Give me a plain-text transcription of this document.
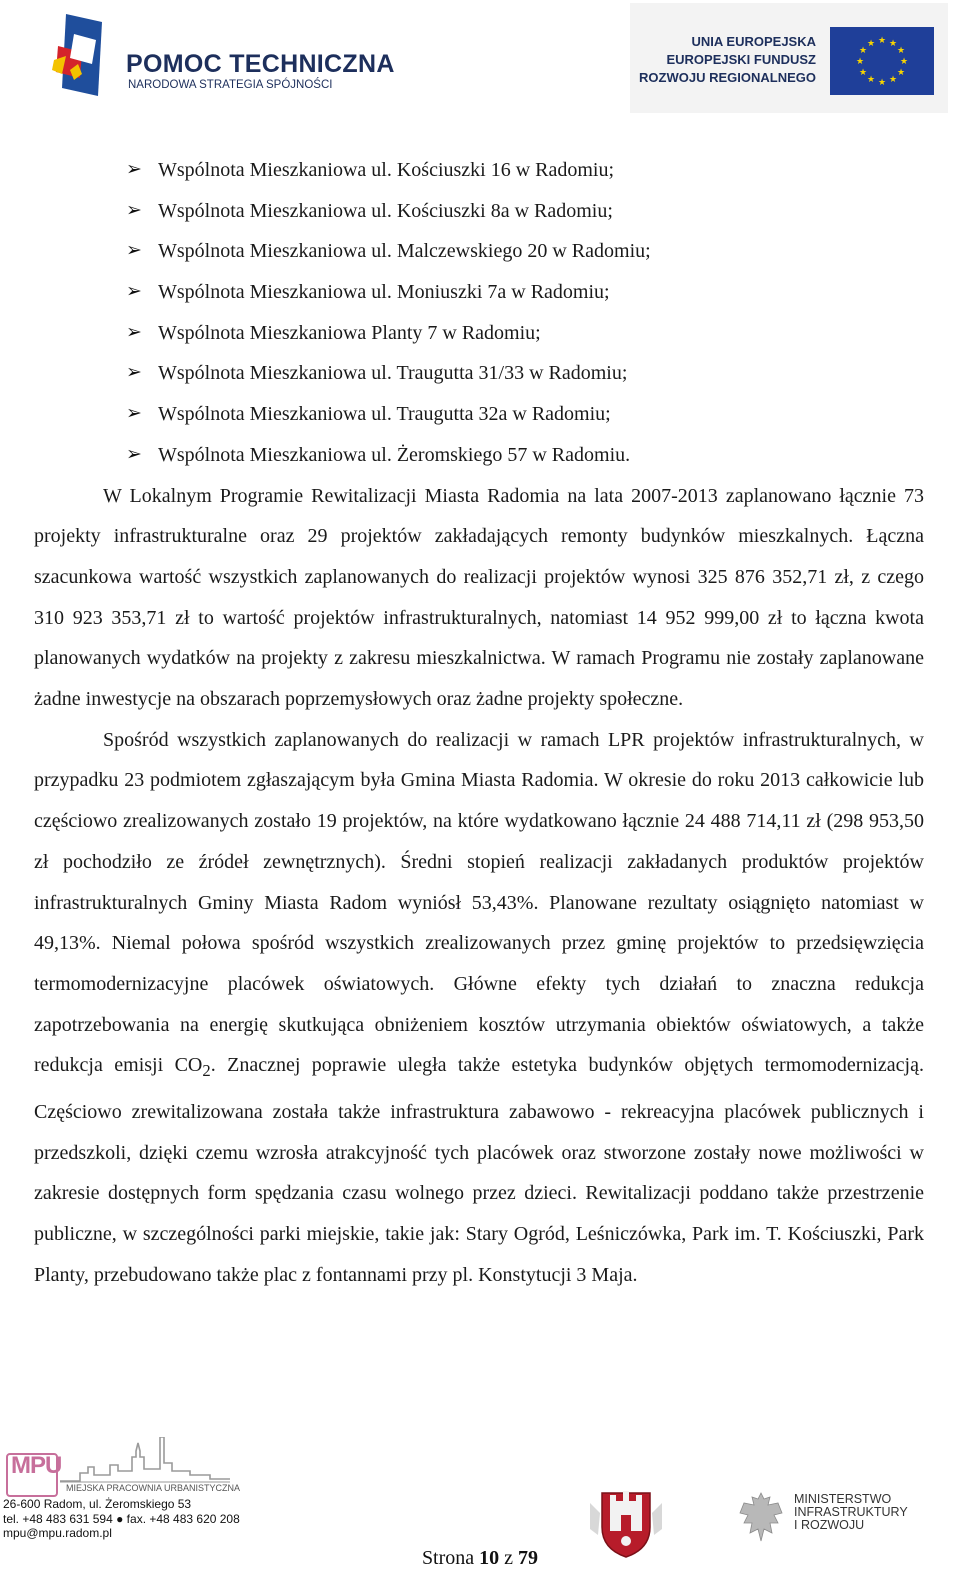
POMOC TECHNICZNA
NARODOWA STRATEGIA SPÓJNOŚCI
UNIA EUROPEJSKA
EUROPEJSKI FUNDUSZ
ROZWOJU REGIONALNEGO
★ ★
★
★
★
★
★
★
★
★
★
★
➢ Wspólnota Mieszkaniowa ul. Kościuszki 16 w Radomiu;
➢ Wspólnota Mieszkaniowa ul. Kościuszki 8a w Radomiu;
➢ Wspólnota Mieszkaniowa ul. Malczewskiego 20 w Radomiu;
➢ Wspólnota Mieszkaniowa ul. Moniuszki 7a w Radomiu;
➢ Wspólnota Mieszkaniowa Planty 7 w Radomiu;
➢ Wspólnota Mieszkaniowa ul. Traugutta 31/33 w Radomiu;
➢ Wspólnota Mieszkaniowa ul. Traugutta 32a w Radomiu;
➢ Wspólnota Mieszkaniowa ul. Żeromskiego 57 w Radomiu.

W Lokalnym Programie Rewitalizacji Miasta Radomia na lata 2007-2013 zaplanowano łącznie 73 projekty infrastrukturalne oraz 29 projektów zakładających remonty budynków mieszkalnych. Łączna szacunkowa wartość wszystkich zaplanowanych do realizacji projektów wynosi 325 876 352,71 zł, z czego 310 923 353,71 zł to wartość projektów infrastrukturalnych, natomiast 14 952 999,00 zł to łączna kwota planowanych wydatków na projekty z zakresu mieszkalnictwa. W ramach Programu nie zostały zaplanowane żadne inwestycje na obszarach poprzemysłowych oraz żadne projekty społeczne.

Spośród wszystkich zaplanowanych do realizacji w ramach LPR projektów infrastrukturalnych, w przypadku 23 podmiotem zgłaszającym była Gmina Miasta Radomia. W okresie do roku 2013 całkowicie lub częściowo zrealizowanych zostało 19 projektów, na które wydatkowano łącznie 24 488 714,11 zł (298 953,50 zł pochodziło ze źródeł zewnętrznych). Średni stopień realizacji zakładanych produktów projektów infrastrukturalnych Gminy Miasta Radom wyniósł 53,43%. Planowane rezultaty osiągnięto natomiast w 49,13%. Niemal połowa spośród wszystkich zrealizowanych przez gminę projektów to przedsięwzięcia termomodernizacyjne placówek oświatowych. Główne efekty tych działań to znaczna redukcja zapotrzebowania na energię skutkująca obniżeniem kosztów utrzymania obiektów oświatowych, a także redukcja emisji $CO_2$. Znacznej poprawie uległa także estetyka budynków objętych termomodernizacją. Częściowo zrewitalizowana została także infrastruktura zabawowo - rekreacyjna placówek publicznych i przedszkoli, dzięki czemu wzrosła atrakcyjność tych placówek oraz stworzone zostały nowe możliwości w zakresie dostępnych form spędzania czasu wolnego przez dzieci. Rewitalizacji poddano także przestrzenie publiczne, w szczególności parki miejskie, takie jak: Stary Ogród, Leśniczówka, Park im. T. Kościuszki, Park Planty, przebudowano także plac z fontannami przy pl. Konstytucji 3 Maja.

MPU
MIEJSKA PRACOWNIA URBANISTYCZNA
26-600 Radom, ul. Żeromskiego 53
tel. +48 483 631 594 ● fax. +48 483 620 208
mpu@mpu.radom.pl
MINISTERSTWO
INFRASTRUKTURY
I ROZWOJU
Strona 10 z 79
